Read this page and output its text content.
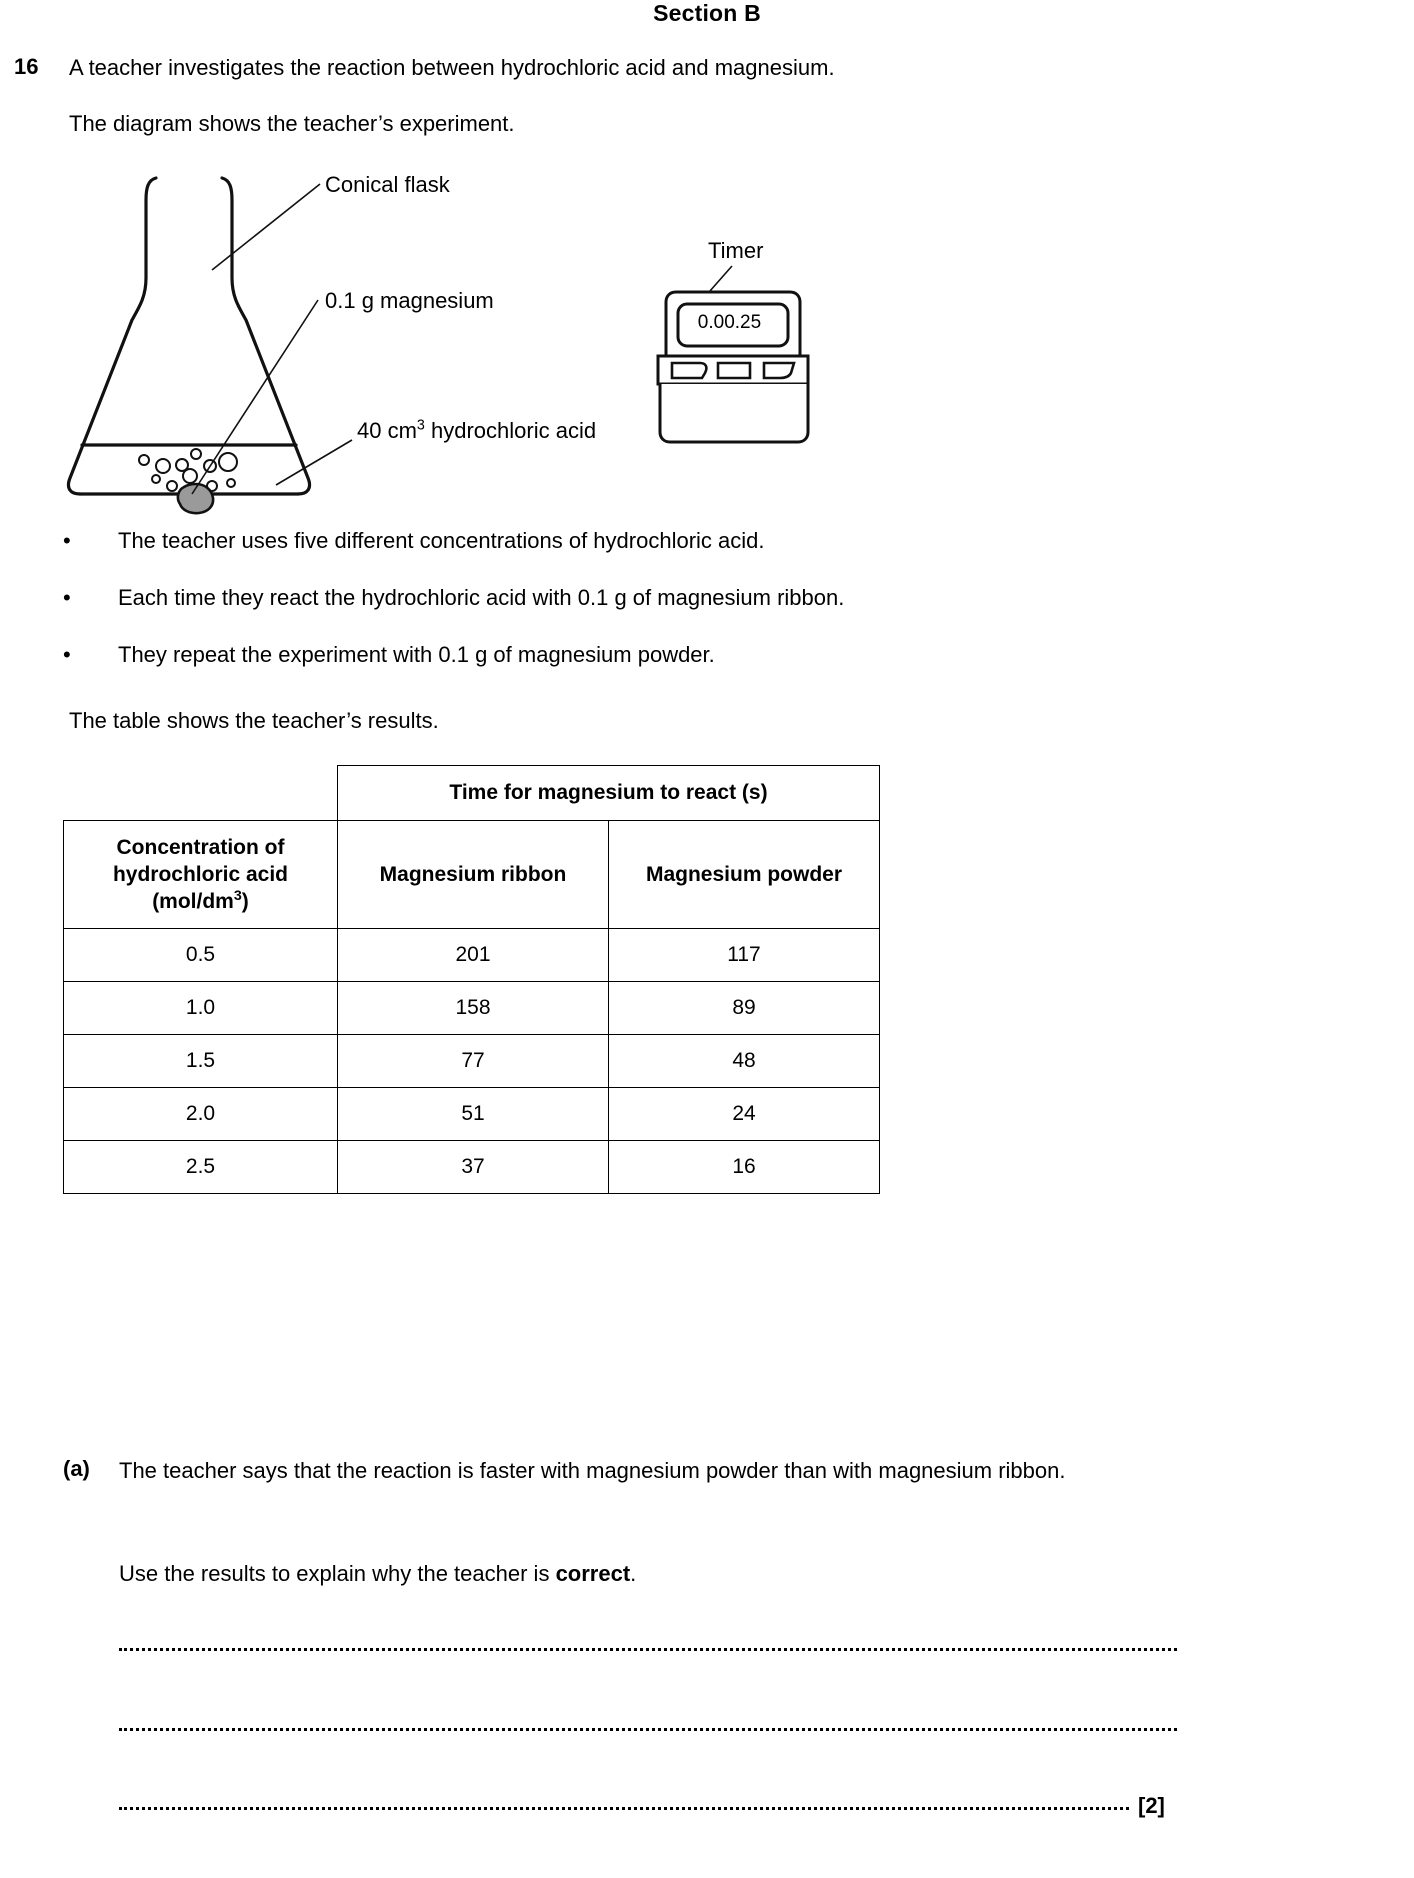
Section B
16 A teacher investigates the reaction between hydrochloric acid and magnesium.
The diagram shows the teacher’s experiment.
Conical flask
0.1 g magnesium
40 $cm^3$ hydrochloric acid
Timer
0.00.25
• The teacher uses five different concentrations of hydrochloric acid.
• Each time they react the hydrochloric acid with 0.1 g of magnesium ribbon.
• They repeat the experiment with 0.1 g of magnesium powder.
The table shows the teacher’s results.
	Time for magnesium to react (s)	
Concentration of
hydrochloric acid
$(mol/dm^3)$	Magnesium ribbon	Magnesium powder
0.5	201	117
1.0	158	89
1.5	77	48
2.0	51	24
2.5	37	16
(a) The teacher says that the reaction is faster with magnesium powder than with magnesium ribbon.
Use the results to explain why the teacher is correct.
[2]
